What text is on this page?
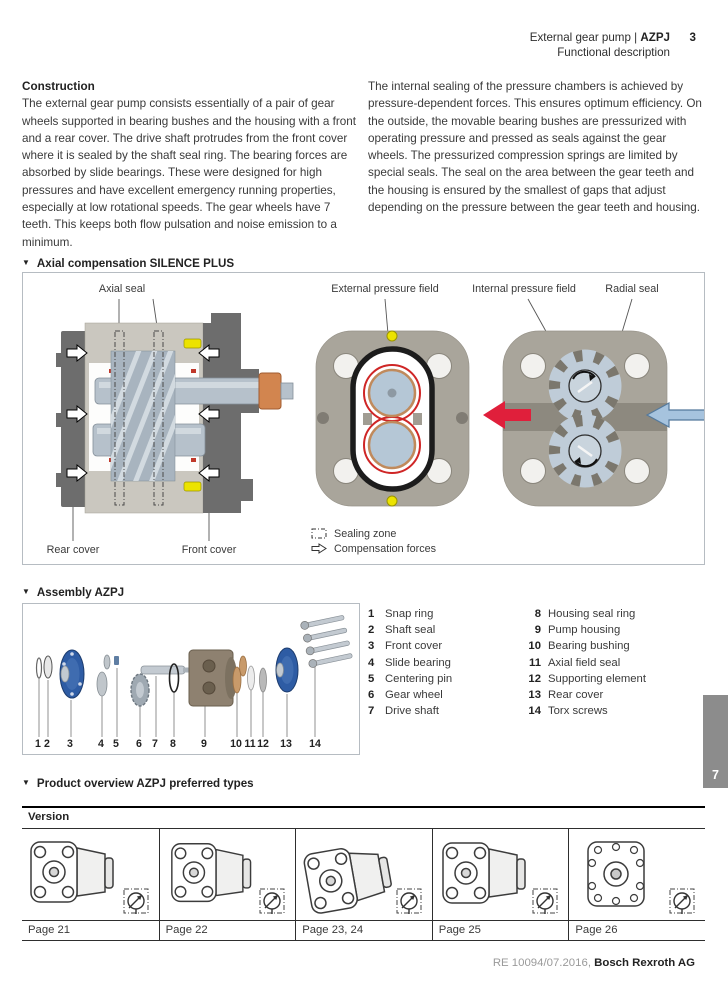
External gear pump | AZPJ 3
Functional description
Construction
The external gear pump consists essentially of a pair of gear wheels supported in bearing bushes and the housing with a front and a rear cover. The drive shaft protrudes from the front cover where it is sealed by the shaft seal ring. The bearing forces are absorbed by slide bearings. These were designed for high pressures and have excellent emergency running properties, especially at low rotational speeds. The gear wheels have 7 teeth. This keeps both flow pulsation and noise emission to a minimum.
The internal sealing of the pressure chambers is achieved by pressure-dependent forces. This ensures optimum efficiency. On the outside, the movable bearing bushes are pressurized with operating pressure and pressed as seals against the gear wheels. The pressurized compression springs are limited by special seals. The seal on the area between the gear teeth and the housing is ensured by the smallest of gaps that adjust depending on the pressure between the gear teeth and housing.
▼ Axial compensation SILENCE PLUS
Axial seal	External pressure field	Internal pressure field	Radial seal
Rear cover	Front cover
Sealing zone
Compensation forces
▼ Assembly AZPJ
1 2 3 4 5 6 7 8 9 10 11 12 13 14
1 Snap ring
2 Shaft seal
3 Front cover
4 Slide bearing
5 Centering pin
6 Gear wheel
7 Drive shaft
8 Housing seal ring
9 Pump housing
10 Bearing bushing
11 Axial field seal
12 Supporting element
13 Rear cover
14 Torx screws
▼ Product overview AZPJ preferred types
Version
Page 21	Page 22	Page 23, 24	Page 25	Page 26
RE 10094/07.2016, Bosch Rexroth AG
7
